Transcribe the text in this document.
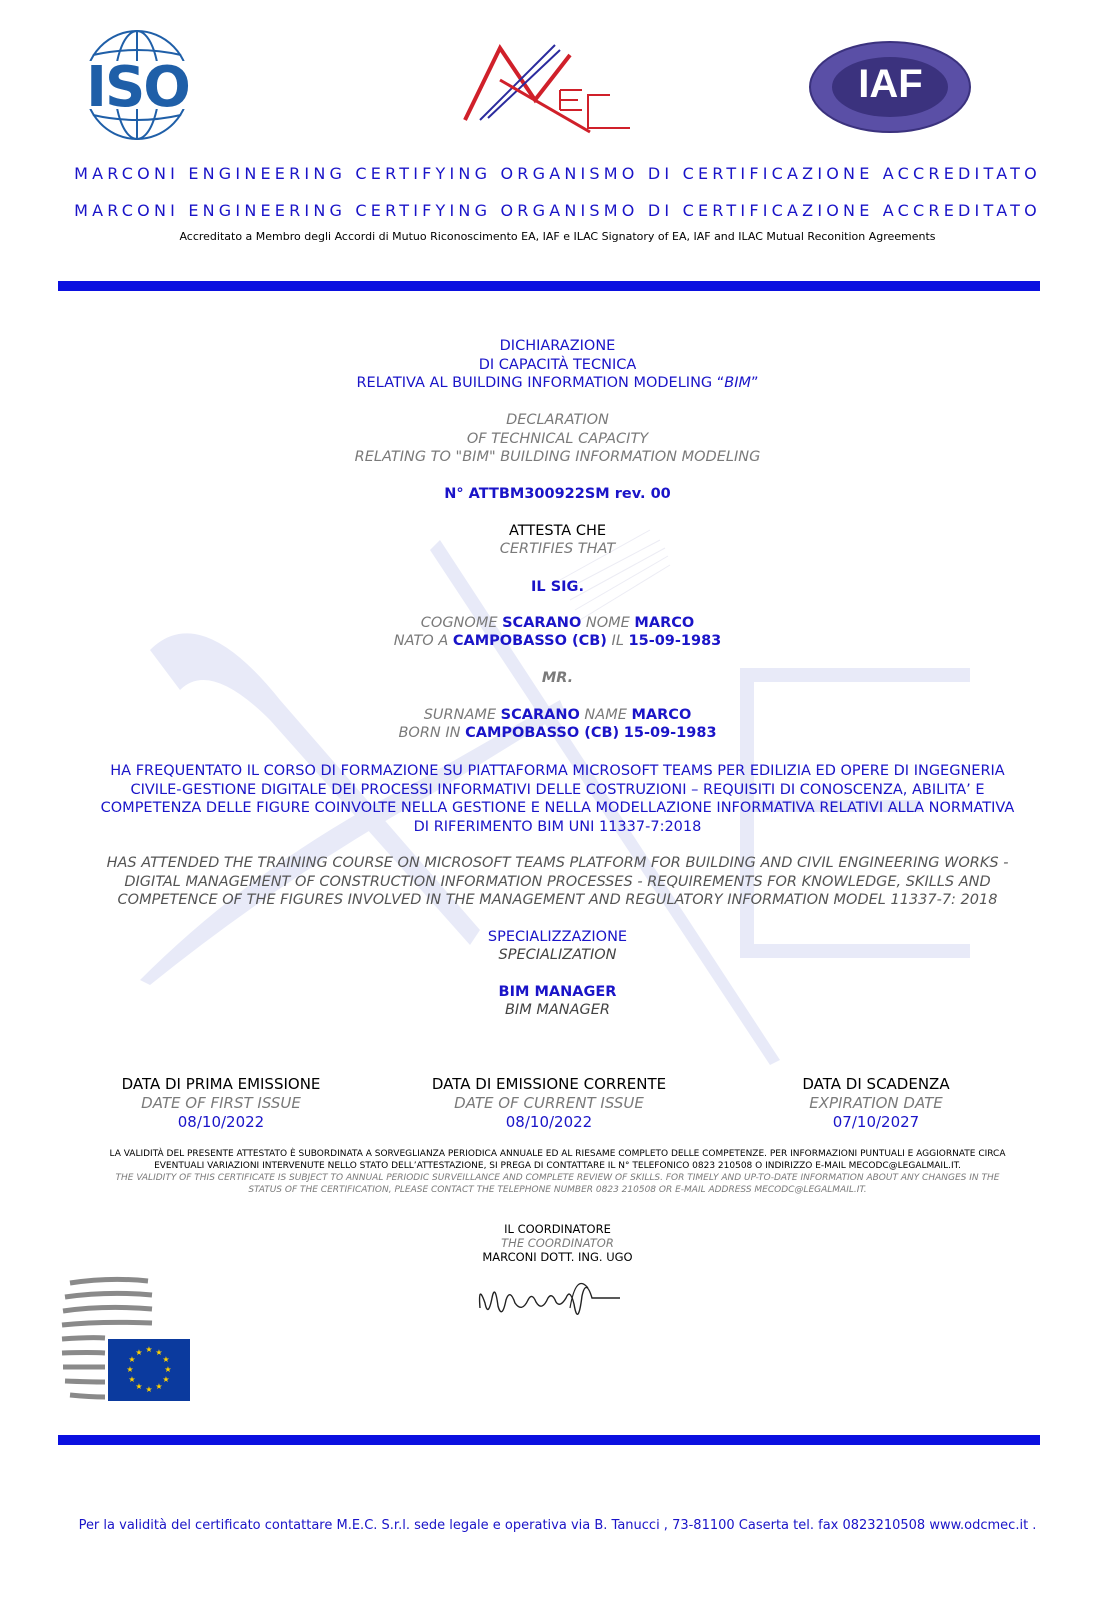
ISO	IAF
MARCONI ENGINEERING CERTIFYING ORGANISMO DI CERTIFICAZIONE ACCREDITATO
MARCONI ENGINEERING CERTIFYING ORGANISMO DI CERTIFICAZIONE ACCREDITATO
Accreditato a Membro degli Accordi di Mutuo Riconoscimento EA, IAF e ILAC Signatory of EA, IAF and ILAC Mutual Reconition Agreements
DICHIARAZIONE
DI CAPACITÀ TECNICA
RELATIVA AL BUILDING INFORMATION MODELING “BIM”
DECLARATION
OF TECHNICAL CAPACITY
RELATING TO "BIM" BUILDING INFORMATION MODELING
N° ATTBM300922SM rev. 00
ATTESTA CHE
CERTIFIES THAT
IL SIG.
COGNOME SCARANO NOME MARCO
NATO A CAMPOBASSO (CB) IL 15-09-1983
MR.
SURNAME SCARANO NAME MARCO
BORN IN CAMPOBASSO (CB) 15-09-1983
HA FREQUENTATO IL CORSO DI FORMAZIONE SU PIATTAFORMA MICROSOFT TEAMS PER EDILIZIA ED OPERE DI INGEGNERIA
CIVILE-GESTIONE DIGITALE DEI PROCESSI INFORMATIVI DELLE COSTRUZIONI – REQUISITI DI CONOSCENZA, ABILITA’ E
COMPETENZA DELLE FIGURE COINVOLTE NELLA GESTIONE E NELLA MODELLAZIONE INFORMATIVA RELATIVI ALLA NORMATIVA
DI RIFERIMENTO BIM UNI 11337-7:2018
HAS ATTENDED THE TRAINING COURSE ON MICROSOFT TEAMS PLATFORM FOR BUILDING AND CIVIL ENGINEERING WORKS -
DIGITAL MANAGEMENT OF CONSTRUCTION INFORMATION PROCESSES - REQUIREMENTS FOR KNOWLEDGE, SKILLS AND
COMPETENCE OF THE FIGURES INVOLVED IN THE MANAGEMENT AND REGULATORY INFORMATION MODEL 11337-7: 2018
SPECIALIZZAZIONE
SPECIALIZATION
BIM MANAGER
BIM MANAGER
DATA DI PRIMA EMISSIONE
DATE OF FIRST ISSUE
08/10/2022
DATA DI EMISSIONE CORRENTE
DATE OF CURRENT ISSUE
08/10/2022
DATA DI SCADENZA
EXPIRATION DATE
07/10/2027
LA VALIDITÀ DEL PRESENTE ATTESTATO È SUBORDINATA A SORVEGLIANZA PERIODICA ANNUALE ED AL RIESAME COMPLETO DELLE COMPETENZE. PER INFORMAZIONI PUNTUALI E AGGIORNATE CIRCA
EVENTUALI VARIAZIONI INTERVENUTE NELLO STATO DELL’ATTESTAZIONE, SI PREGA DI CONTATTARE IL N° TELEFONICO 0823 210508 O INDIRIZZO E-MAIL MECODC@LEGALMAIL.IT.
THE VALIDITY OF THIS CERTIFICATE IS SUBJECT TO ANNUAL PERIODIC SURVEILLANCE AND COMPLETE REVIEW OF SKILLS. FOR TIMELY AND UP-TO-DATE INFORMATION ABOUT ANY CHANGES IN THE
STATUS OF THE CERTIFICATION, PLEASE CONTACT THE TELEPHONE NUMBER 0823 210508 OR E-MAIL ADDRESS MECODC@LEGALMAIL.IT.
IL COORDINATORE
THE COORDINATOR
MARCONI DOTT. ING. UGO
★ ★
★
★
★
★
★
★
★
★
★
★
Per la validità del certificato contattare M.E.C. S.r.l. sede legale e operativa via B. Tanucci , 73-81100 Caserta tel. fax 0823210508 www.odcmec.it .
